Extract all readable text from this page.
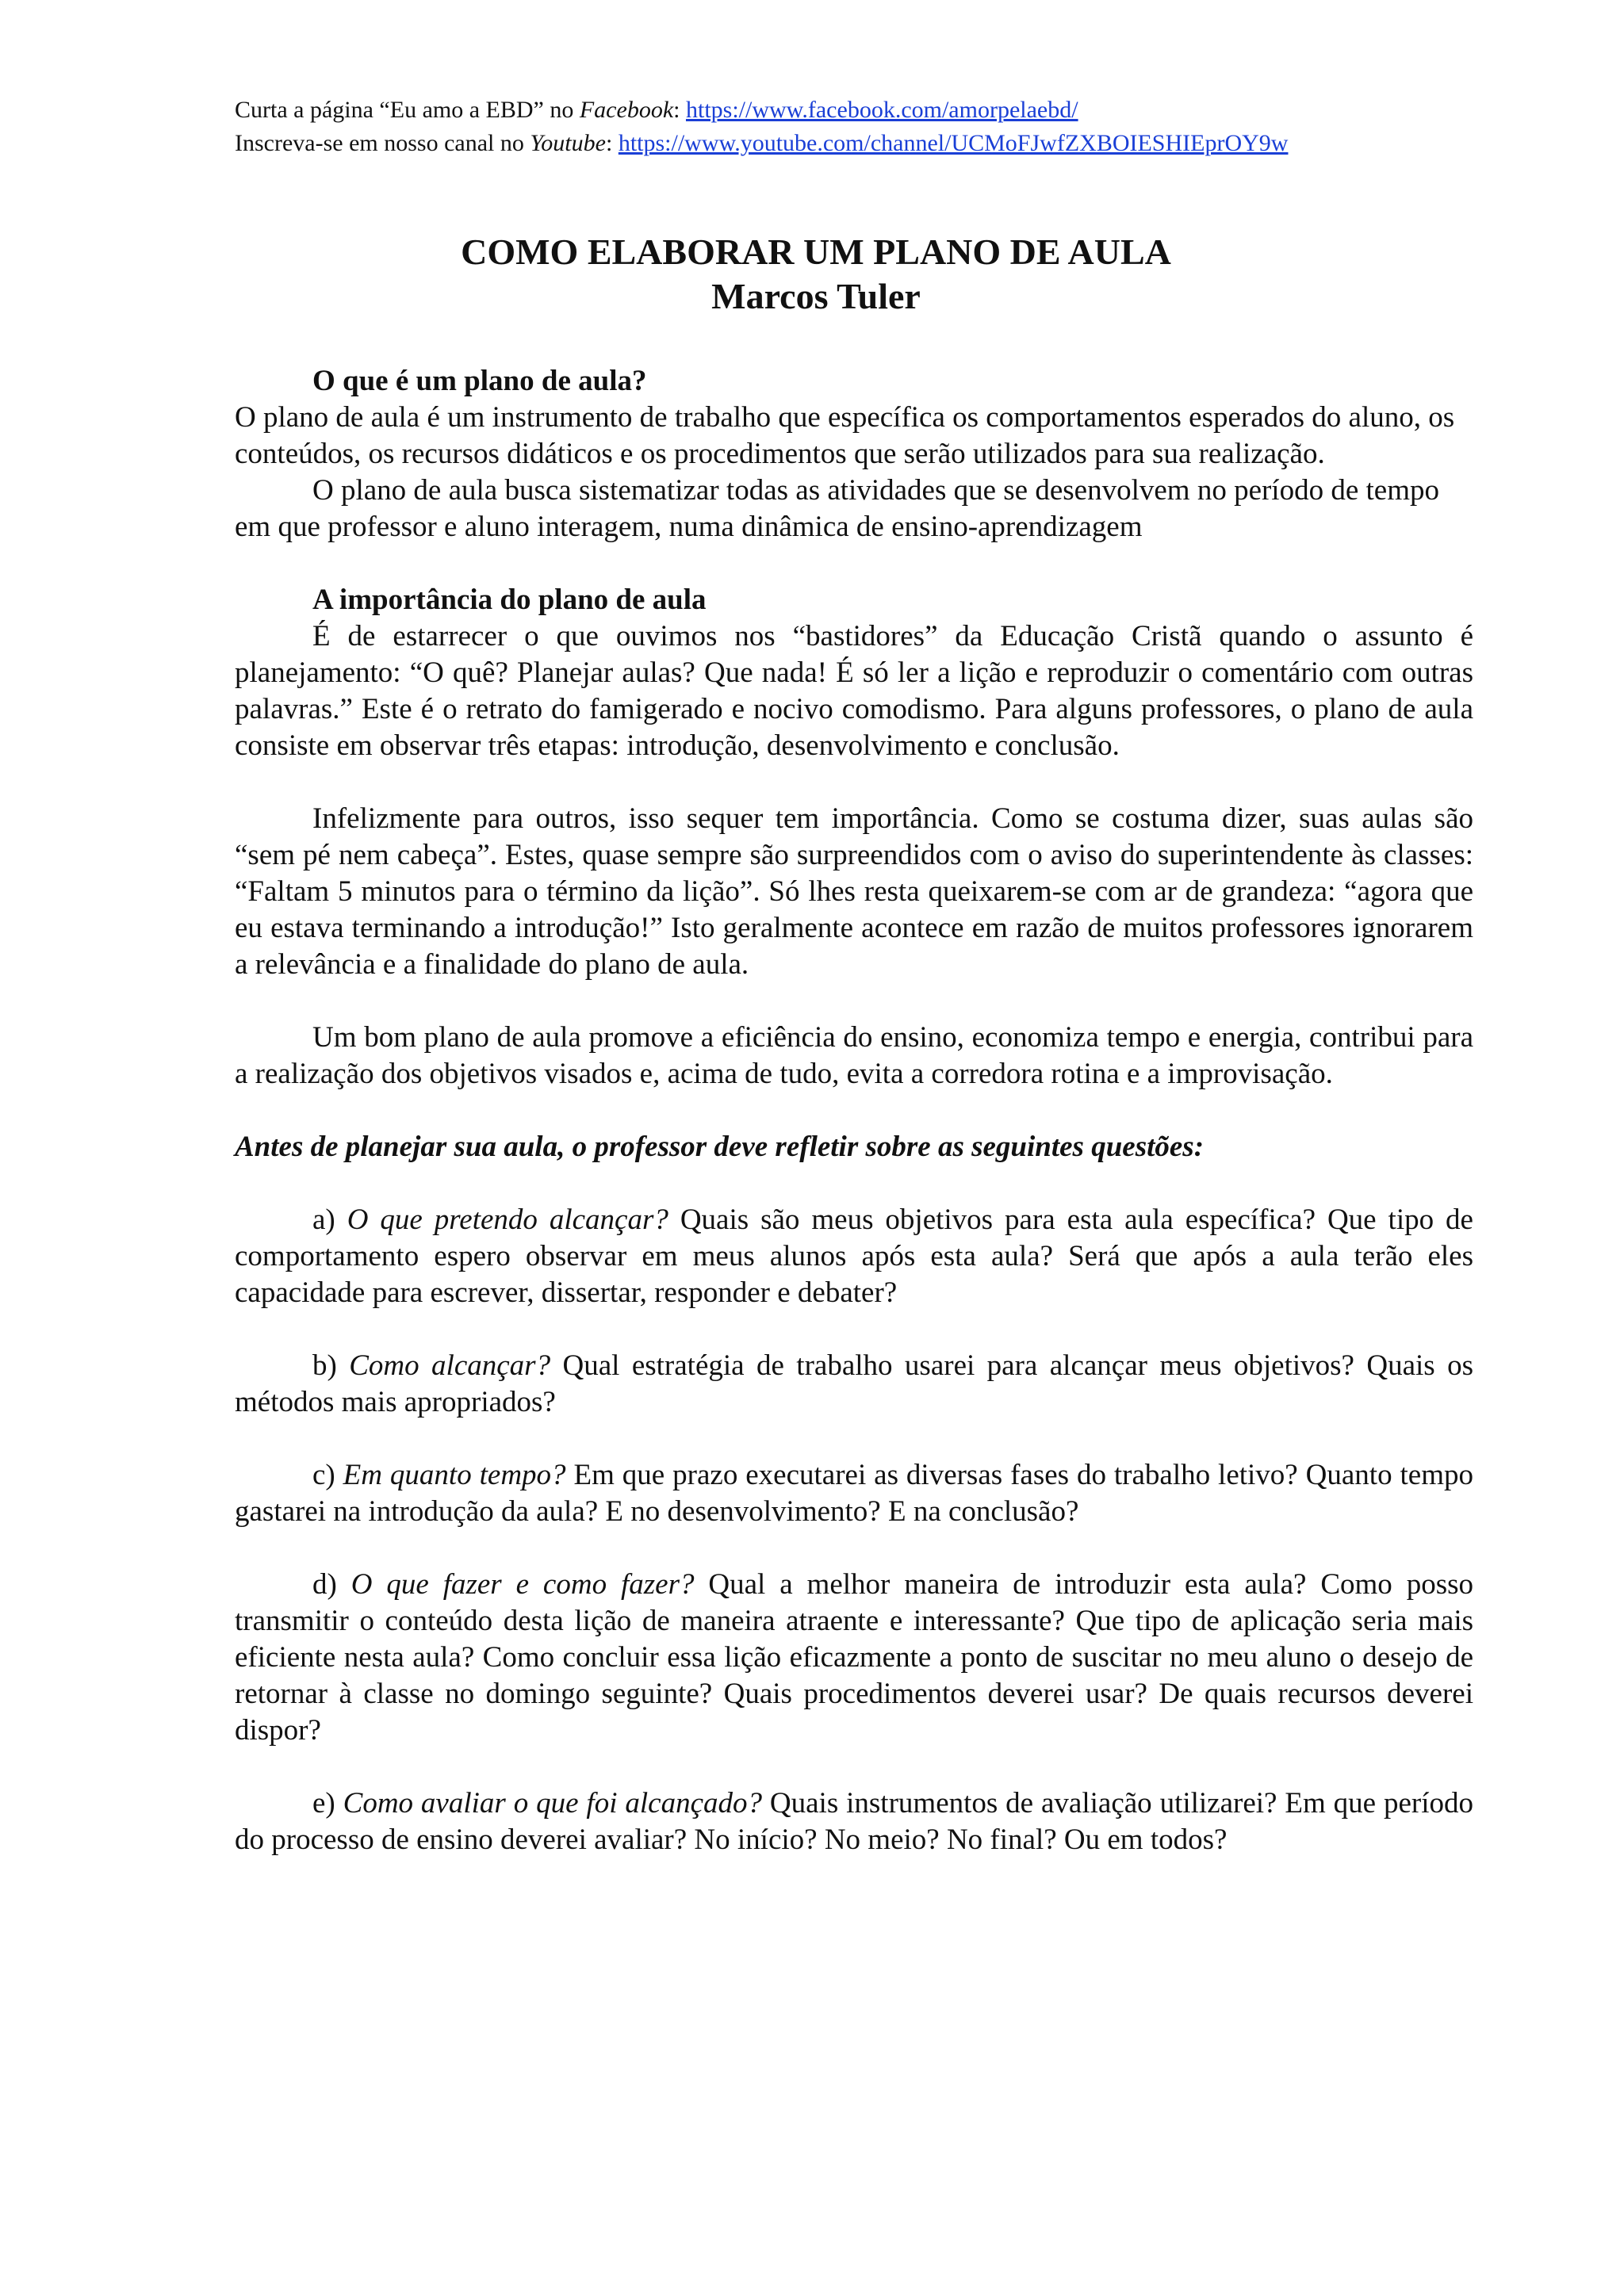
Curta a página “Eu amo a EBD” no Facebook: https://www.facebook.com/amorpelaebd/
Inscreva-se em nosso canal no Youtube: https://www.youtube.com/channel/UCMoFJwfZXBOIESHIEprOY9w
COMO ELABORAR UM PLANO DE AULA
Marcos Tuler

O que é um plano de aula?

O plano de aula é um instrumento de trabalho que específica os comportamentos esperados do aluno, os conteúdos, os recursos didáticos e os procedimentos que serão utilizados para sua realização.

O plano de aula busca sistematizar todas as atividades que se desenvolvem no período de tempo em que professor e aluno interagem, numa dinâmica de ensino-aprendizagem

A importância do plano de aula

É de estarrecer o que ouvimos nos “bastidores” da Educação Cristã quando o assunto é planejamento: “O quê? Planejar aulas? Que nada! É só ler a lição e reproduzir o comentário com outras palavras.” Este é o retrato do famigerado e nocivo comodismo. Para alguns professores, o plano de aula consiste em observar três etapas: introdução, desenvolvimento e conclusão.

Infelizmente para outros, isso sequer tem importância. Como se costuma dizer, suas aulas são “sem pé nem cabeça”. Estes, quase sempre são surpreendidos com o aviso do superintendente às classes: “Faltam 5 minutos para o término da lição”. Só lhes resta queixarem-se com ar de grandeza: “agora que eu estava terminando a introdução!” Isto geralmente acontece em razão de muitos professores ignorarem a relevância e a finalidade do plano de aula.

Um bom plano de aula promove a eficiência do ensino, economiza tempo e energia, contribui para a realização dos objetivos visados e, acima de tudo, evita a corredora rotina e a improvisação.

Antes de planejar sua aula, o professor deve refletir sobre as seguintes questões:

a) O que pretendo alcançar? Quais são meus objetivos para esta aula específica? Que tipo de comportamento espero observar em meus alunos após esta aula? Será que após a aula terão eles capacidade para escrever, dissertar, responder e debater?

b) Como alcançar? Qual estratégia de trabalho usarei para alcançar meus objetivos? Quais os métodos mais apropriados?

c) Em quanto tempo? Em que prazo executarei as diversas fases do trabalho letivo? Quanto tempo gastarei na introdução da aula? E no desenvolvimento? E na conclusão?

d) O que fazer e como fazer? Qual a melhor maneira de introduzir esta aula? Como posso transmitir o conteúdo desta lição de maneira atraente e interessante? Que tipo de aplicação seria mais eficiente nesta aula? Como concluir essa lição eficazmente a ponto de suscitar no meu aluno o desejo de retornar à classe no domingo seguinte? Quais procedimentos deverei usar? De quais recursos deverei dispor?

e) Como avaliar o que foi alcançado? Quais instrumentos de avaliação utilizarei? Em que período do processo de ensino deverei avaliar? No início? No meio? No final? Ou em todos?
